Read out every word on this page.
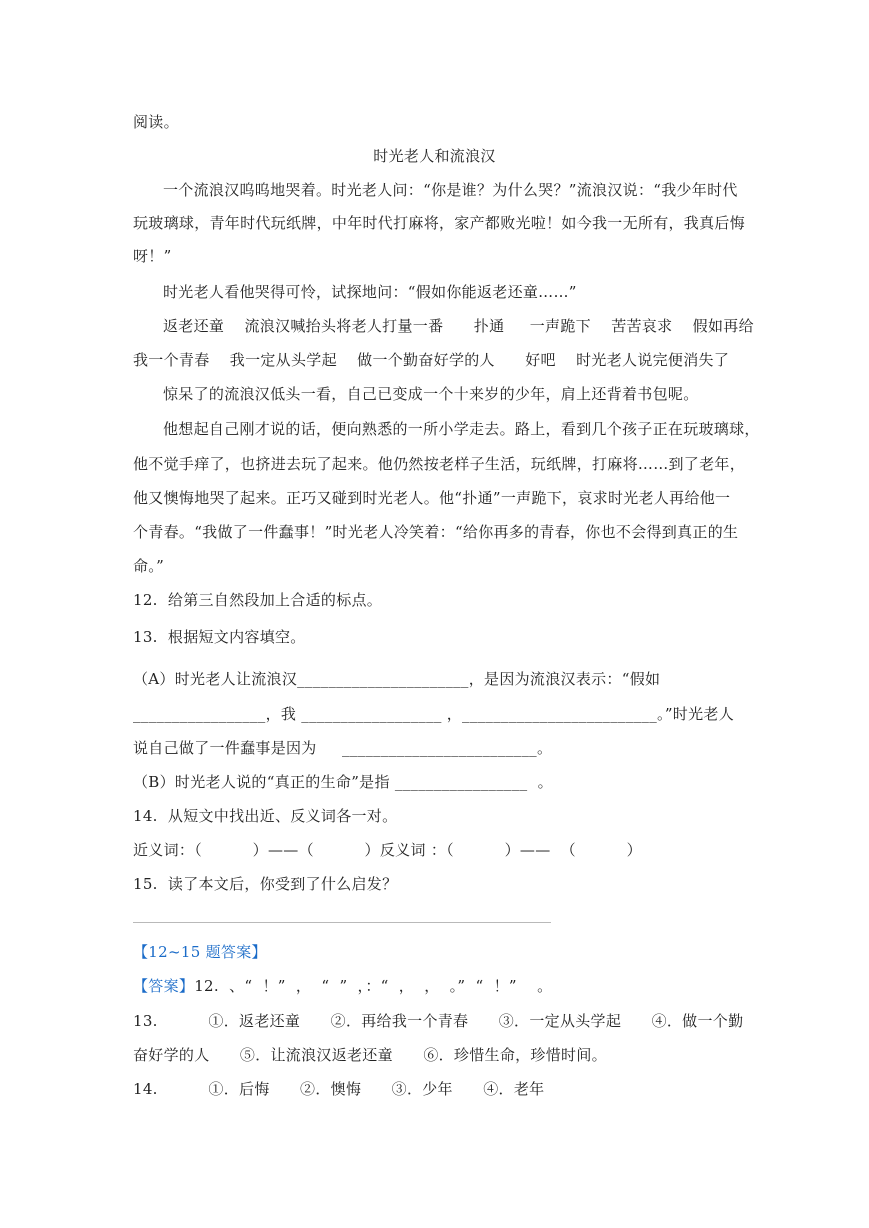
阅读。
时光老人和流浪汉
一个流浪汉呜呜地哭着。时光老人问：“你是谁？为什么哭？”流浪汉说：“我少年时代
玩玻璃球，青年时代玩纸牌，中年时代打麻将，家产都败光啦！如今我一无所有，我真后悔
呀！”
时光老人看他哭得可怜，试探地问：“假如你能返老还童……”
返老还童    流浪汉喊抬头将老人打量一番      扑通     一声跪下    苦苦哀求    假如再给
我一个青春    我一定从头学起    做一个勤奋好学的人      好吧    时光老人说完便消失了
惊呆了的流浪汉低头一看，自己已变成一个十来岁的少年，肩上还背着书包呢。
他想起自己刚才说的话，便向熟悉的一所小学走去。路上，看到几个孩子正在玩玻璃球，
他不觉手痒了，也挤进去玩了起来。他仍然按老样子生活，玩纸牌，打麻将……到了老年，
他又懊悔地哭了起来。正巧又碰到时光老人。他“扑通”一声跪下，哀求时光老人再给他一
个青春。“我做了一件蠢事！”时光老人冷笑着：“给你再多的青春，你也不会得到真正的生
命。”
12.  给第三自然段加上合适的标点。
13.  根据短文内容填空。
（A）时光老人让流浪汉______________________，是因为流浪汉表示：“假如
_________________，我 __________________ ，_________________________。”时光老人
说自己做了一件蠢事是因为     _________________________。
（B）时光老人说的“真正的生命”是指 _________________  。
14.  从短文中找出近、反义词各一对。
近义词：（          ）——（          ）反义词 ：（          ）——  （          ）
15.  读了本文后，你受到了什么启发？
【12~15 题答案】
【答案】12.  、“  ！”  ，  “  ”  ，：“  ，  ，  。”  “  ！”    。
13.          ①．返老还童      ②．再给我一个青春      ③．一定从头学起      ④．做一个勤
奋好学的人      ⑤．让流浪汉返老还童      ⑥．珍惜生命，珍惜时间。
14.          ①．后悔      ②．懊悔      ③．少年      ④．老年
